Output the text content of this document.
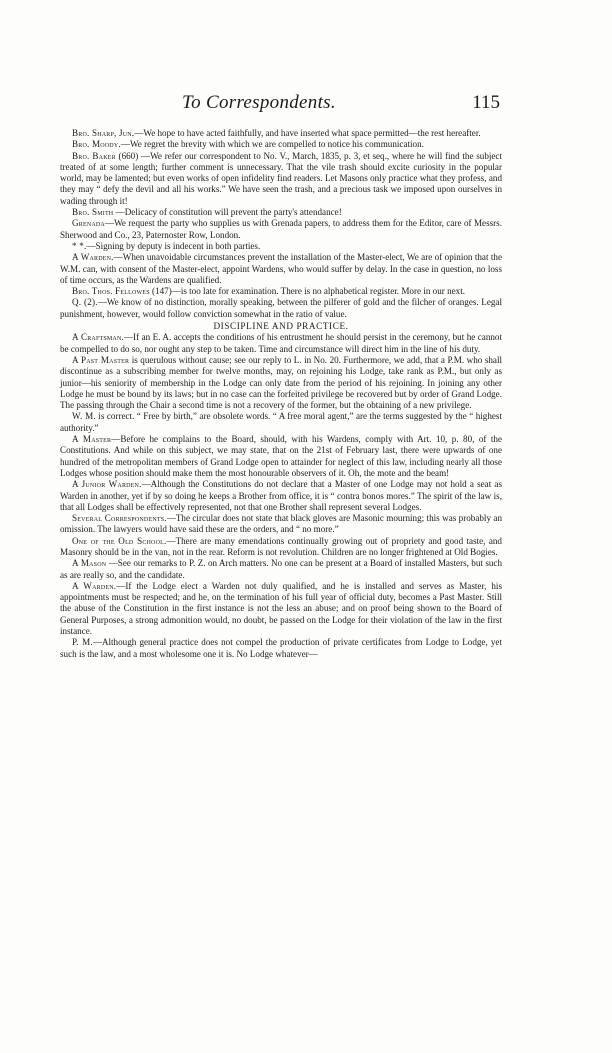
To Correspondents.	115

Bro. Sharp, Jun.—We hope to have acted faithfully, and have inserted what space permitted—the rest hereafter.

Bro. Moody.—We regret the brevity with which we are compelled to notice his communication.

Bro. Baker (660) —We refer our correspondent to No. V., March, 1835, p. 3, et seq., where he will find the subject treated of at some length; further comment is unnecessary. That the vile trash should excite curiosity in the popular world, may be lamented; but even works of open infidelity find readers. Let Masons only practice what they profess, and they may “ defy the devil and all his works.” We have seen the trash, and a precious task we imposed upon ourselves in wading through it!

Bro. Smith —Delicacy of constitution will prevent the party's attendance!

Grenada—We request the party who supplies us with Grenada papers, to address them for the Editor, care of Messrs. Sherwood and Co., 23, Paternoster Row, London.

* *.—Signing by deputy is indecent in both parties.

A Warden.—When unavoidable circumstances prevent the installation of the Master-elect, We are of opinion that the W.M. can, with consent of the Master-elect, appoint Wardens, who would suffer by delay. In the case in question, no loss of time occurs, as the Wardens are qualified.

Bro. Thos. Fellowes (147)—is too late for examination. There is no alphabetical register. More in our next.

Q. (2).—We know of no distinction, morally speaking, between the pilferer of gold and the filcher of oranges. Legal punishment, however, would follow conviction somewhat in the ratio of value.

DISCIPLINE AND PRACTICE.

A Craftsman.—If an E. A. accepts the conditions of his entrustment he should persist in the ceremony, but he cannot be compelled to do so, nor ought any step to be taken. Time and circumstance will direct him in the line of his duty.

A Past Master is querulous without cause; see our reply to L. in No. 20. Furthermore, we add, that a P.M. who shall discontinue as a subscribing member for twelve months, may, on rejoining his Lodge, take rank as P.M., but only as junior—his seniority of membership in the Lodge can only date from the period of his rejoining. In joining any other Lodge he must be bound by its laws; but in no case can the forfeited privilege be recovered but by order of Grand Lodge. The passing through the Chair a second time is not a recovery of the former, but the obtaining of a new privilege.

W. M. is correct. “ Free by birth,” are obsolete words. “ A free moral agent,” are the terms suggested by the “ highest authority.”

A Master—Before he complains to the Board, should, with his Wardens, comply with Art. 10, p. 80, of the Constitutions. And while on this subject, we may state, that on the 21st of February last, there were upwards of one hundred of the metropolitan members of Grand Lodge open to attainder for neglect of this law, including nearly all those Lodges whose position should make them the most honourable observers of it. Oh, the mote and the beam!

A Junior Warden.—Although the Constitutions do not declare that a Master of one Lodge may not hold a seat as Warden in another, yet if by so doing he keeps a Brother from office, it is “ contra bonos mores.” The spirit of the law is, that all Lodges shall be effectively represented, not that one Brother shall represent several Lodges.

Several Correspondents.—The circular does not state that black gloves are Masonic mourning; this was probably an omission. The lawyers would have said these are the orders, and “ no more.”

One of the Old School.—There are many emendations continually growing out of propriety and good taste, and Masonry should be in the van, not in the rear. Reform is not revolution. Children are no longer frightened at Old Bogies.

A Mason —See our remarks to P. Z. on Arch matters. No one can be present at a Board of installed Masters, but such as are really so, and the candidate.

A Warden.—If the Lodge elect a Warden not duly qualified, and he is installed and serves as Master, his appointments must be respected; and he, on the termination of his full year of official duty, becomes a Past Master. Still the abuse of the Constitution in the first instance is not the less an abuse; and on proof being shown to the Board of General Purposes, a strong admonition would, no doubt, be passed on the Lodge for their violation of the law in the first instance.

P. M.—Although general practice does not compel the production of private certificates from Lodge to Lodge, yet such is the law, and a most wholesome one it is. No Lodge whatever—
